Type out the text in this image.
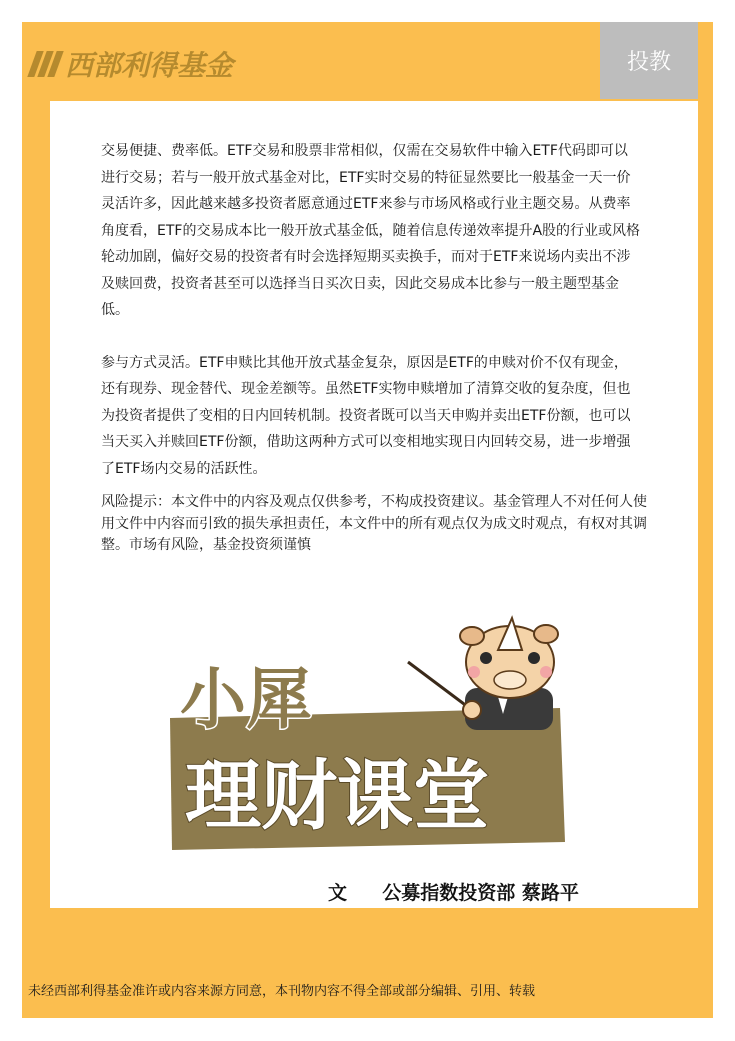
西部利得基金	投教

交易便捷、费率低。ETF交易和股票非常相似，仅需在交易软件中输入ETF代码即可以进行交易；若与一般开放式基金对比，ETF实时交易的特征显然要比一般基金一天一价灵活许多，因此越来越多投资者愿意通过ETF来参与市场风格或行业主题交易。从费率角度看，ETF的交易成本比一般开放式基金低，随着信息传递效率提升A股的行业或风格轮动加剧，偏好交易的投资者有时会选择短期买卖换手，而对于ETF来说场内卖出不涉及赎回费，投资者甚至可以选择当日买次日卖，因此交易成本比参与一般主题型基金低。

参与方式灵活。ETF申赎比其他开放式基金复杂，原因是ETF的申赎对价不仅有现金，还有现券、现金替代、现金差额等。虽然ETF实物申赎增加了清算交收的复杂度，但也为投资者提供了变相的日内回转机制。投资者既可以当天申购并卖出ETF份额，也可以当天买入并赎回ETF份额，借助这两种方式可以变相地实现日内回转交易，进一步增强了ETF场内交易的活跃性。

风险提示：本文件中的内容及观点仅供参考，不构成投资建议。基金管理人不对任何人使用文件中内容而引致的损失承担责任，本文件中的所有观点仅为成文时观点，有权对其调整。市场有风险，基金投资须谨慎
小犀
理财课堂
文 公募指数投资部 蔡路平
未经西部利得基金准许或内容来源方同意，本刊物内容不得全部或部分编辑、引用、转载
